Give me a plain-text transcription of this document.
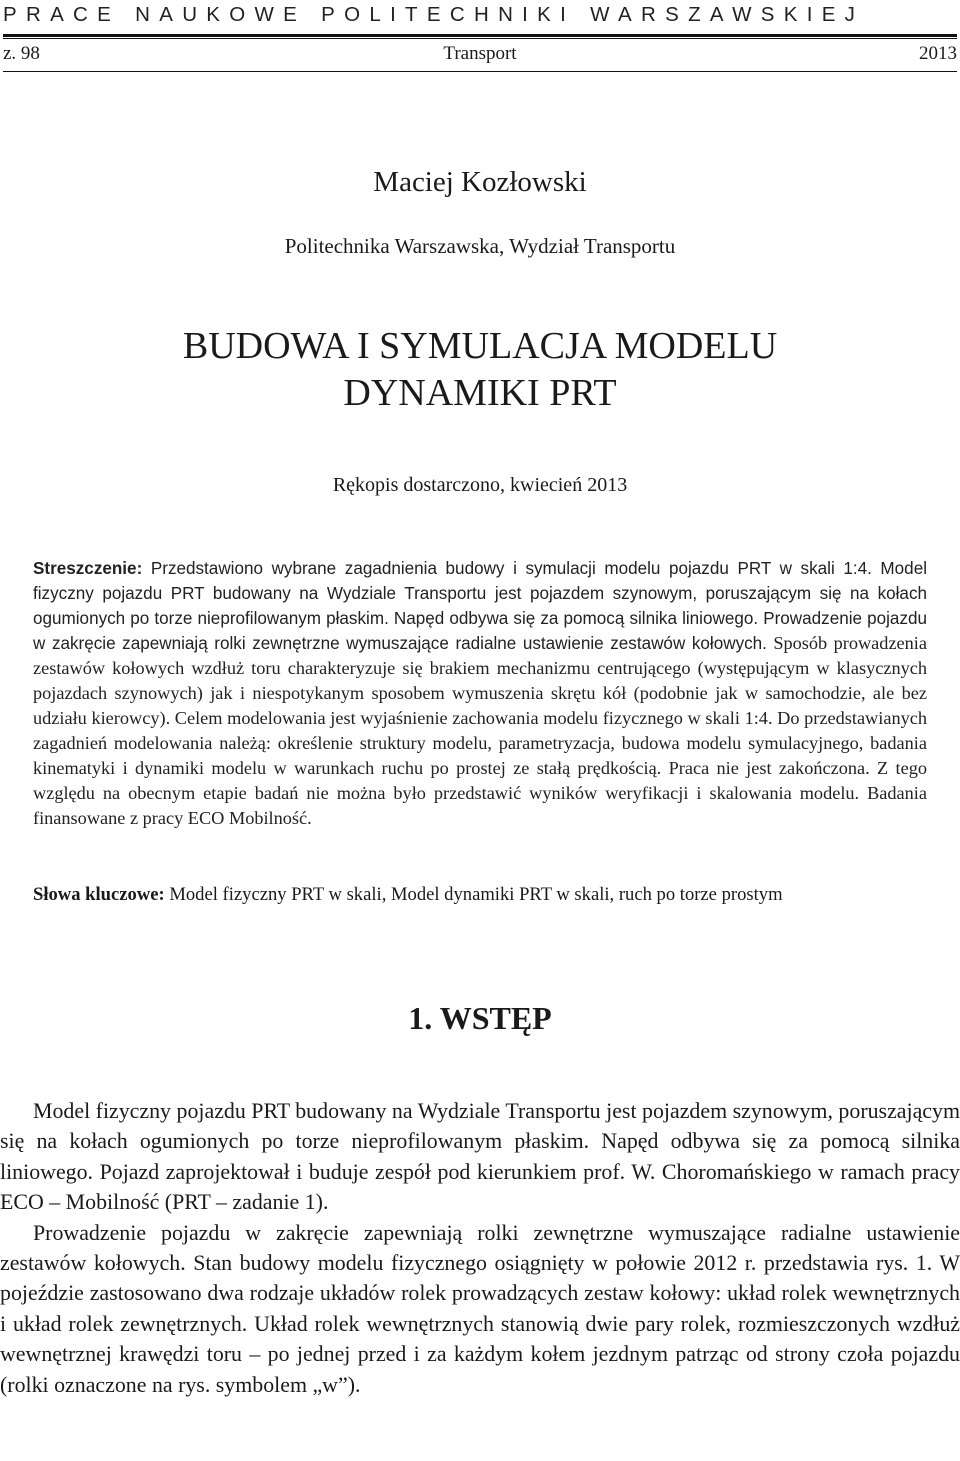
PRACE NAUKOWE POLITECHNIKI WARSZAWSKIEJ
z. 98	Transport	2013
Maciej Kozłowski
Politechnika Warszawska, Wydział Transportu
BUDOWA I SYMULACJA MODELU
DYNAMIKI PRT
Rękopis dostarczono, kwiecień 2013
Streszczenie: Przedstawiono wybrane zagadnienia budowy i symulacji modelu pojazdu PRT w skali 1:4. Model fizyczny pojazdu PRT budowany na Wydziale Transportu jest pojazdem szynowym, poruszającym się na kołach ogumionych po torze nieprofilowanym płaskim. Napęd odbywa się za pomocą silnika liniowego. Prowadzenie pojazdu w zakręcie zapewniają rolki zewnętrzne wymuszające radialne ustawienie zestawów kołowych. Sposób prowadzenia zestawów kołowych wzdłuż toru charakteryzuje się brakiem mechanizmu centrującego (występującym w klasycznych pojazdach szynowych) jak i niespotykanym sposobem wymuszenia skrętu kół (podobnie jak w samochodzie, ale bez udziału kierowcy). Celem modelowania jest wyjaśnienie zachowania modelu fizycznego w skali 1:4. Do przedstawianych zagadnień modelowania należą: określenie struktury modelu, parametryzacja, budowa modelu symulacyjnego, badania kinematyki i dynamiki modelu w warunkach ruchu po prostej ze stałą prędkością. Praca nie jest zakończona. Z tego względu na obecnym etapie badań nie można było przedstawić wyników weryfikacji i skalowania modelu. Badania finansowane z pracy ECO Mobilność.
Słowa kluczowe: Model fizyczny PRT w skali, Model dynamiki PRT w skali, ruch po torze prostym
1. WSTĘP

Model fizyczny pojazdu PRT budowany na Wydziale Transportu jest pojazdem szynowym, poruszającym się na kołach ogumionych po torze nieprofilowanym płaskim. Napęd odbywa się za pomocą silnika liniowego. Pojazd zaprojektował i buduje zespół pod kierunkiem prof. W. Choromańskiego w ramach pracy ECO – Mobilność (PRT – zadanie 1).

Prowadzenie pojazdu w zakręcie zapewniają rolki zewnętrzne wymuszające radialne ustawienie zestawów kołowych. Stan budowy modelu fizycznego osiągnięty w połowie 2012 r. przedstawia rys. 1. W pojeździe zastosowano dwa rodzaje układów rolek prowadzących zestaw kołowy: układ rolek wewnętrznych i układ rolek zewnętrznych. Układ rolek wewnętrznych stanowią dwie pary rolek, rozmieszczonych wzdłuż wewnętrznej krawędzi toru – po jednej przed i za każdym kołem jezdnym patrząc od strony czoła pojazdu (rolki oznaczone na rys. symbolem „w”).
